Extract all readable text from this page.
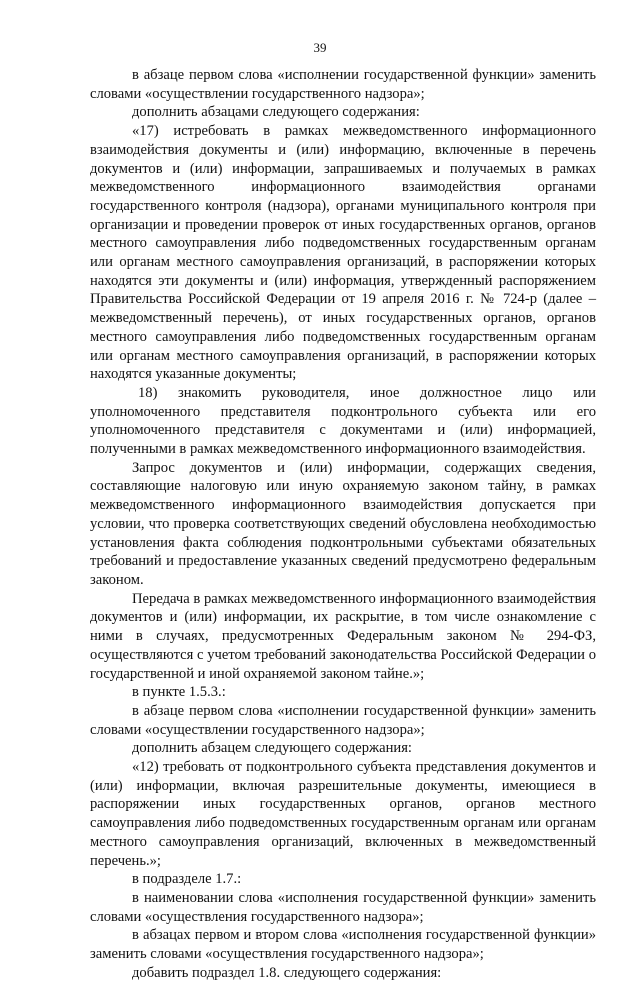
39

в абзаце первом слова «исполнении государственной функции» заменить словами «осуществлении государственного надзора»;

дополнить абзацами следующего содержания:

«17) истребовать в рамках межведомственного информационного взаимодействия документы и (или) информацию, включенные в перечень документов и (или) информации, запрашиваемых и получаемых в рамках межведомственного информационного взаимодействия органами государственного контроля (надзора), органами муниципального контроля при организации и проведении проверок от иных государственных органов, органов местного самоуправления либо подведомственных государственным органам или органам местного самоуправления организаций, в распоряжении которых находятся эти документы и (или) информация, утвержденный распоряжением Правительства Российской Федерации от 19 апреля 2016 г. № 724-р (далее – межведомственный перечень), от иных государственных органов, органов местного самоуправления либо подведомственных государственным органам или органам местного самоуправления организаций, в распоряжении которых находятся указанные документы;

18) знакомить руководителя, иное должностное лицо или уполномоченного представителя подконтрольного субъекта или его уполномоченного представителя с документами и (или) информацией, полученными в рамках межведомственного информационного взаимодействия.

Запрос документов и (или) информации, содержащих сведения, составляющие налоговую или иную охраняемую законом тайну, в рамках межведомственного информационного взаимодействия допускается при условии, что проверка соответствующих сведений обусловлена необходимостью установления факта соблюдения подконтрольными субъектами обязательных требований и предоставление указанных сведений предусмотрено федеральным законом.

Передача в рамках межведомственного информационного взаимодействия документов и (или) информации, их раскрытие, в том числе ознакомление с ними в случаях, предусмотренных Федеральным законом № 294-ФЗ, осуществляются с учетом требований законодательства Российской Федерации о государственной и иной охраняемой законом тайне.»;

в пункте 1.5.3.:

в абзаце первом слова «исполнении государственной функции» заменить словами «осуществлении государственного надзора»;

дополнить абзацем следующего содержания:

«12) требовать от подконтрольного субъекта представления документов и (или) информации, включая разрешительные документы, имеющиеся в распоряжении иных государственных органов, органов местного самоуправления либо подведомственных государственным органам или органам местного самоуправления организаций, включенных в межведомственный перечень.»;

в подразделе 1.7.:

в наименовании слова «исполнения государственной функции» заменить словами «осуществления государственного надзора»;

в абзацах первом и втором слова «исполнения государственной функции» заменить словами «осуществления государственного надзора»;

добавить подраздел 1.8. следующего содержания:
